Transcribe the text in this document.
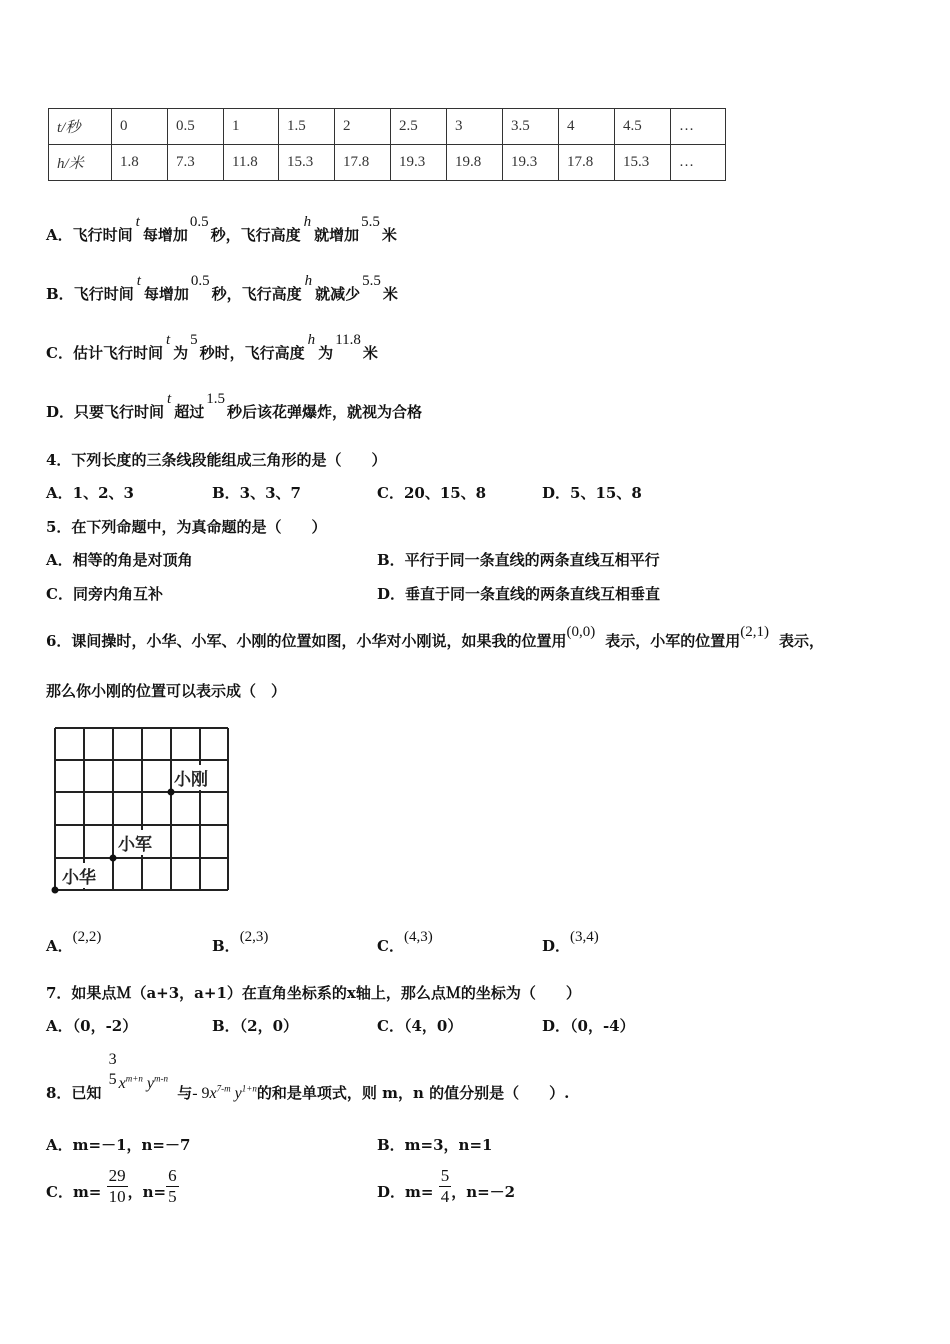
t/秒	0	0.5	1	1.5	2	2.5	3	3.5	4	4.5	…
h/米	1.8	7.3	11.8	15.3	17.8	19.3	19.8	19.3	17.8	15.3	…
A．飞行时间t每增加0.5秒，飞行高度h就增加5.5米
B．飞行时间t每增加0.5秒，飞行高度h就减少5.5米
C．估计飞行时间t为5秒时，飞行高度h为11.8米
D．只要飞行时间t超过1.5秒后该花弹爆炸，就视为合格
4．下列长度的三条线段能组成三角形的是（　　）
A．1、2、3	B．3、3、7	C．20、15、8	D．5、15、8
5．在下列命题中，为真命题的是（　　）
A．相等的角是对顶角	B．平行于同一条直线的两条直线互相平行
C．同旁内角互补	D．垂直于同一条直线的两条直线互相垂直
6．课间操时，小华、小军、小刚的位置如图，小华对小刚说，如果我的位置用(0,0) 表示，小军的位置用(2,1) 表示，
那么你小刚的位置可以表示成（　）
小刚
小军
小华
A．(2,2)	B．(2,3)	C．(4,3)	D．(3,4)
7．如果点Ｍ（a+3，a+1）在直角坐标系的x轴上，那么点Ｍ的坐标为（　　）
A．（0，-2）	B．（2，0）	C．（4，0）	D．（0，-4）
8．已知
3
5 $x^{m+n}$ $y^{m-n}$ 与- $9x^{7-m}$ $y^{1+n}$的和是单项式，则 m，n 的值分别是（　　）.
A．m=－1，n=－7	B．m=3，n=1
C．$m= \frac{29}{10}$ ，$n= \frac{6}{5}$	D．$m= \frac{5}{4}$ ，n=－2
